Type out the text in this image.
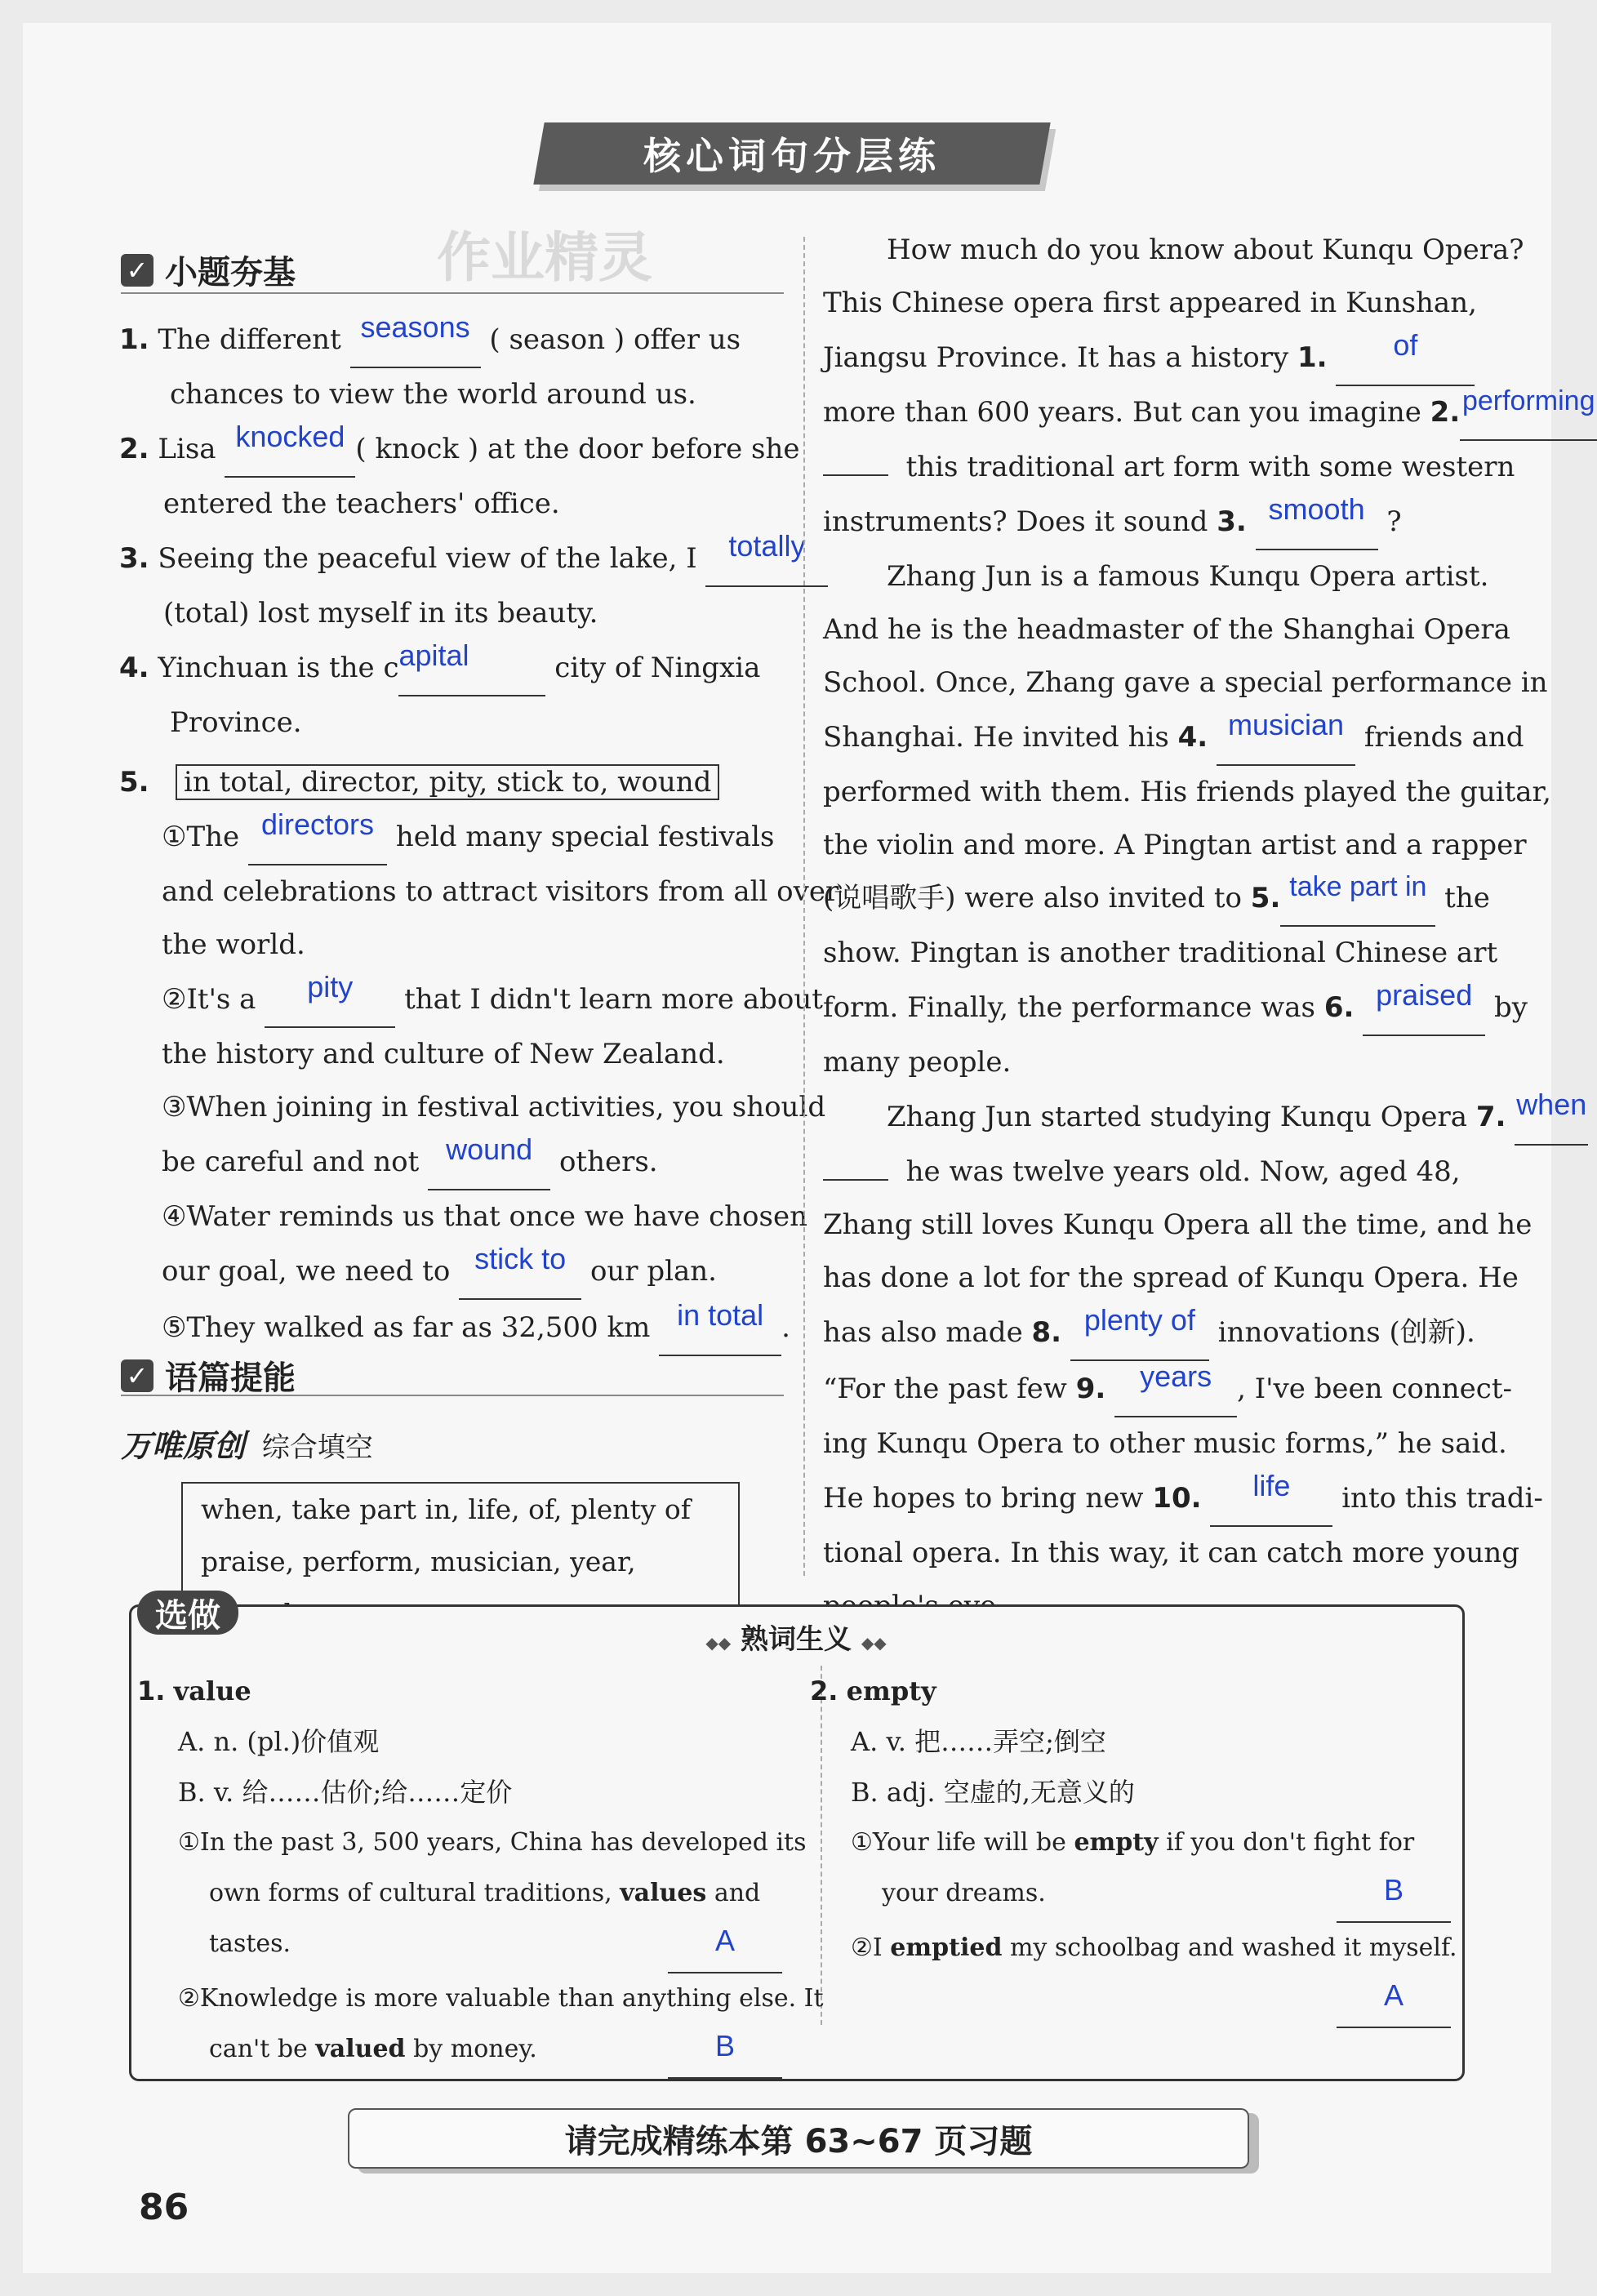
核心词句分层练
作业精灵
✓ 小题夯基
1. The different seasons ( season ) offer us
chances to view the world around us.
2. Lisa knocked ( knock ) at the door before she
entered the teachers' office.
3. Seeing the peaceful view of the lake, I totally
(total) lost myself in its beauty.
4. Yinchuan is the capital	city of Ningxia
Province.
5. in total, director, pity, stick to, wound
①The directors held many special festivals
and celebrations to attract visitors from all over
the world.
②It's a pity that I didn't learn more about
the history and culture of New Zealand.
③When joining in festival activities, you should
be careful and not wound others.
④Water reminds us that once we have chosen
our goal, we need to stick to our plan.
⑤They walked as far as 32,500 km in total .
✓ 语篇提能
万唯原创 综合填空
when, take part in, life, of, plenty of
praise, perform, musician, year,
How much do you know about Kunqu Opera?
This Chinese opera first appeared in Kunshan,
Jiangsu Province. It has a history 1. of
more than 600 years. But can you imagine 2.performing
this traditional art form with some western
instruments? Does it sound 3. smooth ?
Zhang Jun is a famous Kunqu Opera artist.
And he is the headmaster of the Shanghai Opera
School. Once, Zhang gave a special performance in
Shanghai. He invited his 4. musician friends and
performed with them. His friends played the guitar,
the violin and more. A Pingtan artist and a rapper
(说唱歌手) were also invited to 5. take part in the
show. Pingtan is another traditional Chinese art
form. Finally, the performance was 6. praised by
many people.
Zhang Jun started studying Kunqu Opera 7. when
he was twelve years old. Now, aged 48,
Zhang still loves Kunqu Opera all the time, and he
has done a lot for the spread of Kunqu Opera. He
has also made 8. plenty of innovations (创新).
“For the past few 9. years , I've been connect-
ing Kunqu Opera to other music forms,” he said.
He hopes to bring new 10. life into this tradi-
tional opera. In this way, it can catch more young
选做
◆◆ 熟词生义 ◆◆
1. value
A. n. (pl.)价值观
B. v. 给……估价;给……定价
①In the past 3, 500 years, China has developed its
own forms of cultural traditions, values and
tastes.	A
②Knowledge is more valuable than anything else. It
can't be valued by money.	B
2. empty
A. v. 把……弄空;倒空
B. adj. 空虚的,无意义的
①Your life will be empty if you don't fight for
your dreams.	B
②I emptied my schoolbag and washed it myself.
A
请完成精练本第 63~67 页习题
86
